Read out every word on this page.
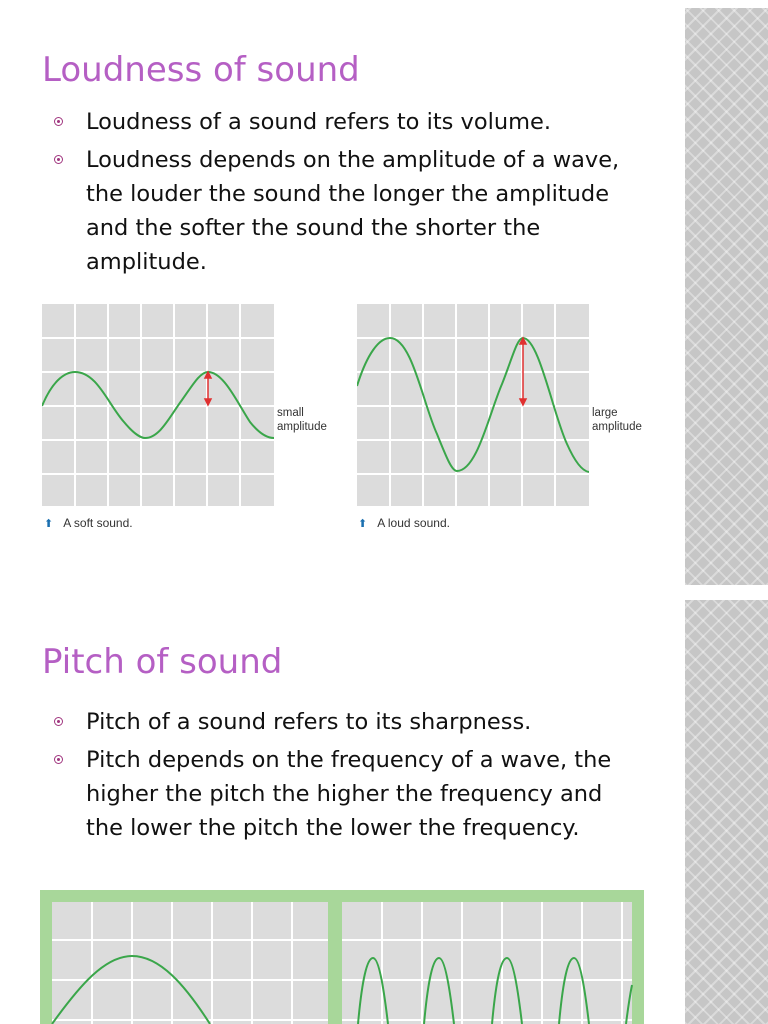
Loudness of sound
Loudness of a sound refers to its volume.
Loudness depends on the amplitude of a wave, the louder the sound the longer the amplitude and the softer the sound the shorter the amplitude.
small
amplitude
⬆ A soft sound.
large
amplitude
⬆ A loud sound.
Pitch of sound
Pitch of a sound refers to its sharpness.
Pitch depends on the frequency of a wave, the higher the pitch the higher the frequency and the lower the pitch the lower the frequency.
